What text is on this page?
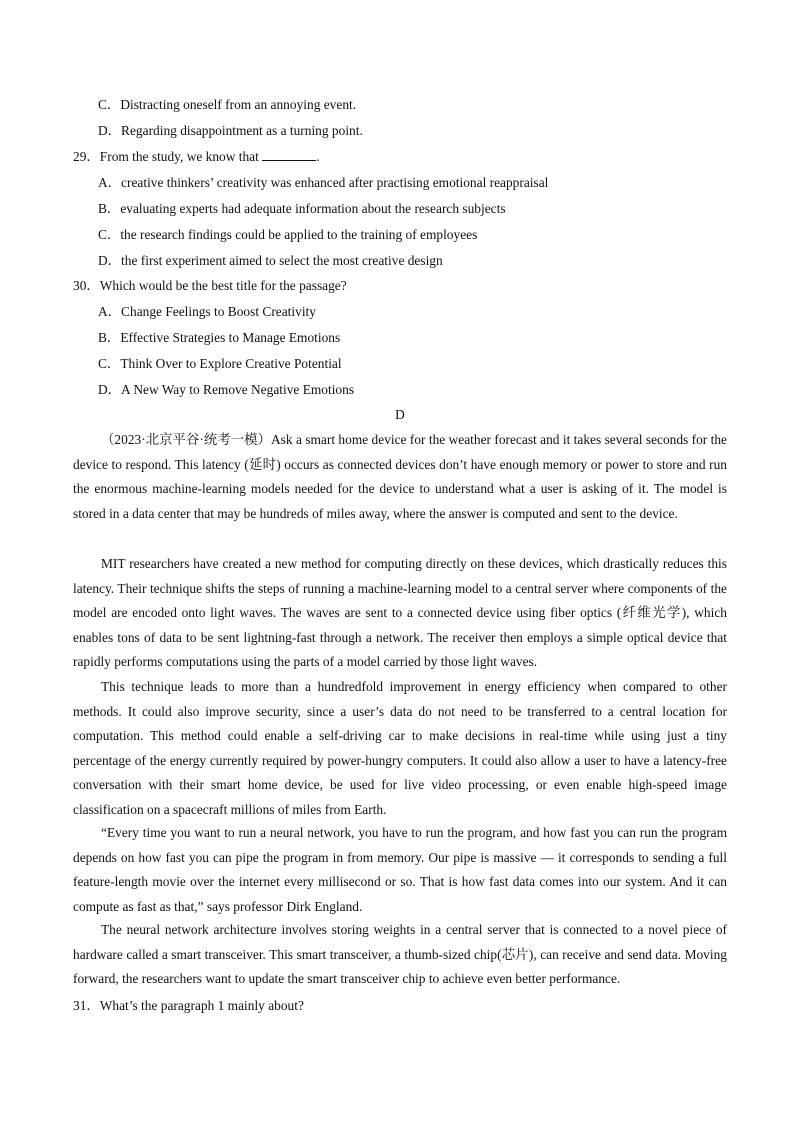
C．Distracting oneself from an annoying event.
D．Regarding disappointment as a turning point.
29．From the study, we know that	.
A．creative thinkers’ creativity was enhanced after practising emotional reappraisal
B．evaluating experts had adequate information about the research subjects
C．the research findings could be applied to the training of employees
D．the first experiment aimed to select the most creative design
30．Which would be the best title for the passage?
A．Change Feelings to Boost Creativity
B．Effective Strategies to Manage Emotions
C．Think Over to Explore Creative Potential
D．A New Way to Remove Negative Emotions
D
（2023·北京平谷·统考一模）Ask a smart home device for the weather forecast and it takes several seconds for the device to respond. This latency (延时) occurs as connected devices don’t have enough memory or power to store and run the enormous machine-learning models needed for the device to understand what a user is asking of it. The model is stored in a data center that may be hundreds of miles away, where the answer is computed and sent to the device.
MIT researchers have created a new method for computing directly on these devices, which drastically reduces this latency. Their technique shifts the steps of running a machine-learning model to a central server where components of the model are encoded onto light waves. The waves are sent to a connected device using fiber optics (纤维光学), which enables tons of data to be sent lightning-fast through a network. The receiver then employs a simple optical device that rapidly performs computations using the parts of a model carried by those light waves.
This technique leads to more than a hundredfold improvement in energy efficiency when compared to other methods. It could also improve security, since a user’s data do not need to be transferred to a central location for computation. This method could enable a self-driving car to make decisions in real-time while using just a tiny percentage of the energy currently required by power-hungry computers. It could also allow a user to have a latency-free conversation with their smart home device, be used for live video processing, or even enable high-speed image classification on a spacecraft millions of miles from Earth.
“Every time you want to run a neural network, you have to run the program, and how fast you can run the program depends on how fast you can pipe the program in from memory. Our pipe is massive — it corresponds to sending a full feature-length movie over the internet every millisecond or so. That is how fast data comes into our system. And it can compute as fast as that,” says professor Dirk England.
The neural network architecture involves storing weights in a central server that is connected to a novel piece of hardware called a smart transceiver. This smart transceiver, a thumb-sized chip(芯片), can receive and send data. Moving forward, the researchers want to update the smart transceiver chip to achieve even better performance.
31．What’s the paragraph 1 mainly about?
